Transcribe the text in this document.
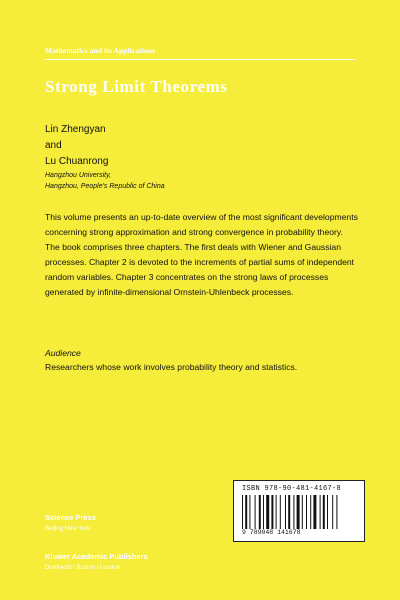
Mathematics and its Applications
Strong Limit Theorems
Lin Zhengyan
and
Lu Chuanrong
Hangzhou University,
Hangzhou, People's Republic of China

This volume presents an up-to-date overview of the most significant developments concerning strong approximation and strong convergence in probability theory.

The book comprises three chapters. The first deals with Wiener and Gaussian processes. Chapter 2 is devoted to the increments of partial sums of independent random variables. Chapter 3 concentrates on the strong laws of processes generated by infinite-dimensional Ornstein-Uhlenbeck processes.

Audience
Researchers whose work involves probability theory and statistics.
Science Press
Beijing New York
Kluwer Academic Publishers
Dordrecht / Boston / London
ISBN 978-90-481-4167-8
9 789048 141678
